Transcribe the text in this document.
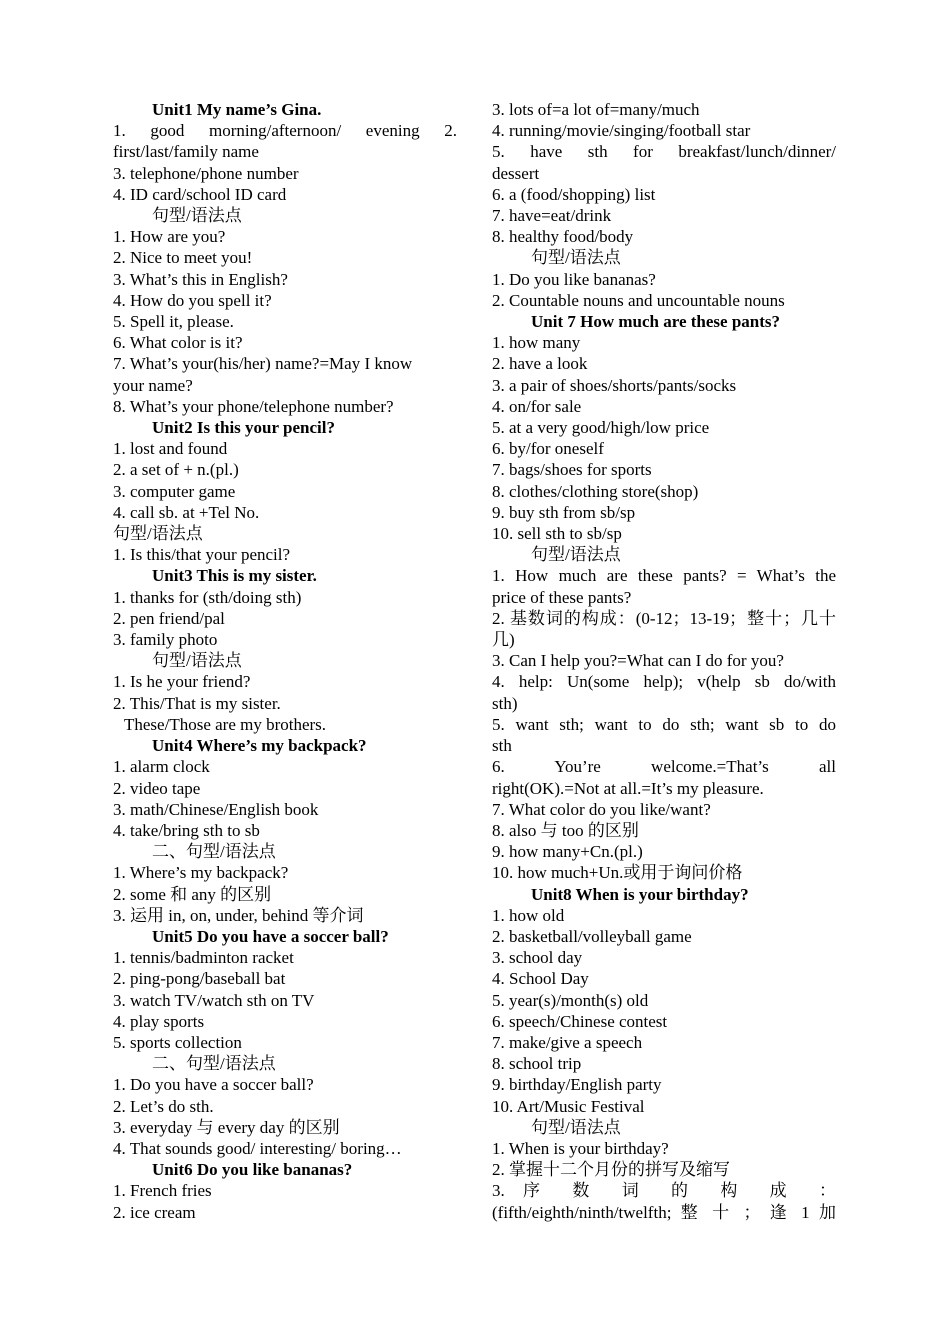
Unit1 My name’s Gina.
1. good morning/afternoon/ evening 2.
first/last/family name
3. telephone/phone number
4. ID card/school ID card
句型/语法点
1. How are you?
2. Nice to meet you!
3. What’s this in English?
4. How do you spell it?
5. Spell it, please.
6. What color is it?
7. What’s your(his/her) name?=May I know
your name?
8. What’s your phone/telephone number?
Unit2 Is this your pencil?
1. lost and found
2. a set of + n.(pl.)
3. computer game
4. call sb. at +Tel No.
句型/语法点
1. Is this/that your pencil?
Unit3 This is my sister.
1. thanks for (sth/doing sth)
2. pen friend/pal
3. family photo
句型/语法点
1. Is he your friend?
2. This/That is my sister.
These/Those are my brothers.
Unit4 Where’s my backpack?
1. alarm clock
2. video tape
3. math/Chinese/English book
4. take/bring sth to sb
二、句型/语法点
1. Where’s my backpack?
2. some 和 any 的区别
3. 运用 in, on, under, behind 等介词
Unit5 Do you have a soccer ball?
1. tennis/badminton racket
2. ping-pong/baseball bat
3. watch TV/watch sth on TV
4. play sports
5. sports collection
二、句型/语法点
1. Do you have a soccer ball?
2. Let’s do sth.
3. everyday 与 every day 的区别
4. That sounds good/ interesting/ boring…
Unit6 Do you like bananas?
1. French fries
2. ice cream
3. lots of=a lot of=many/much
4. running/movie/singing/football star
5. have sth for breakfast/lunch/dinner/
dessert
6. a (food/shopping) list
7. have=eat/drink
8. healthy food/body
句型/语法点
1. Do you like bananas?
2. Countable nouns and uncountable nouns
Unit 7 How much are these pants?
1. how many
2. have a look
3. a pair of shoes/shorts/pants/socks
4. on/for sale
5. at a very good/high/low price
6. by/for oneself
7. bags/shoes for sports
8. clothes/clothing store(shop)
9. buy sth from sb/sp
10. sell sth to sb/sp
句型/语法点
1. How much are these pants? = What’s the
price of these pants?
2. 基数词的构成：(0-12；13-19；整十；几十
几)
3. Can I help you?=What can I do for you?
4. help: Un(some help); v(help sb do/with
sth)
5. want sth; want to do sth; want sb to do
sth
6. You’re welcome.=That’s all
right(OK).=Not at all.=It’s my pleasure.
7. What color do you like/want?
8. also 与 too 的区别
9. how many+Cn.(pl.)
10. how much+Un.或用于询问价格
Unit8 When is your birthday?
1. how old
2. basketball/volleyball game
3. school day
4. School Day
5. year(s)/month(s) old
6. speech/Chinese contest
7. make/give a speech
8. school trip
9. birthday/English party
10. Art/Music Festival
句型/语法点
1. When is your birthday?
2. 掌握十二个月份的拼写及缩写
3. 序 数 词 的 构 成 ：
(fifth/eighth/ninth/twelfth; 整 十 ； 逢 1 加
